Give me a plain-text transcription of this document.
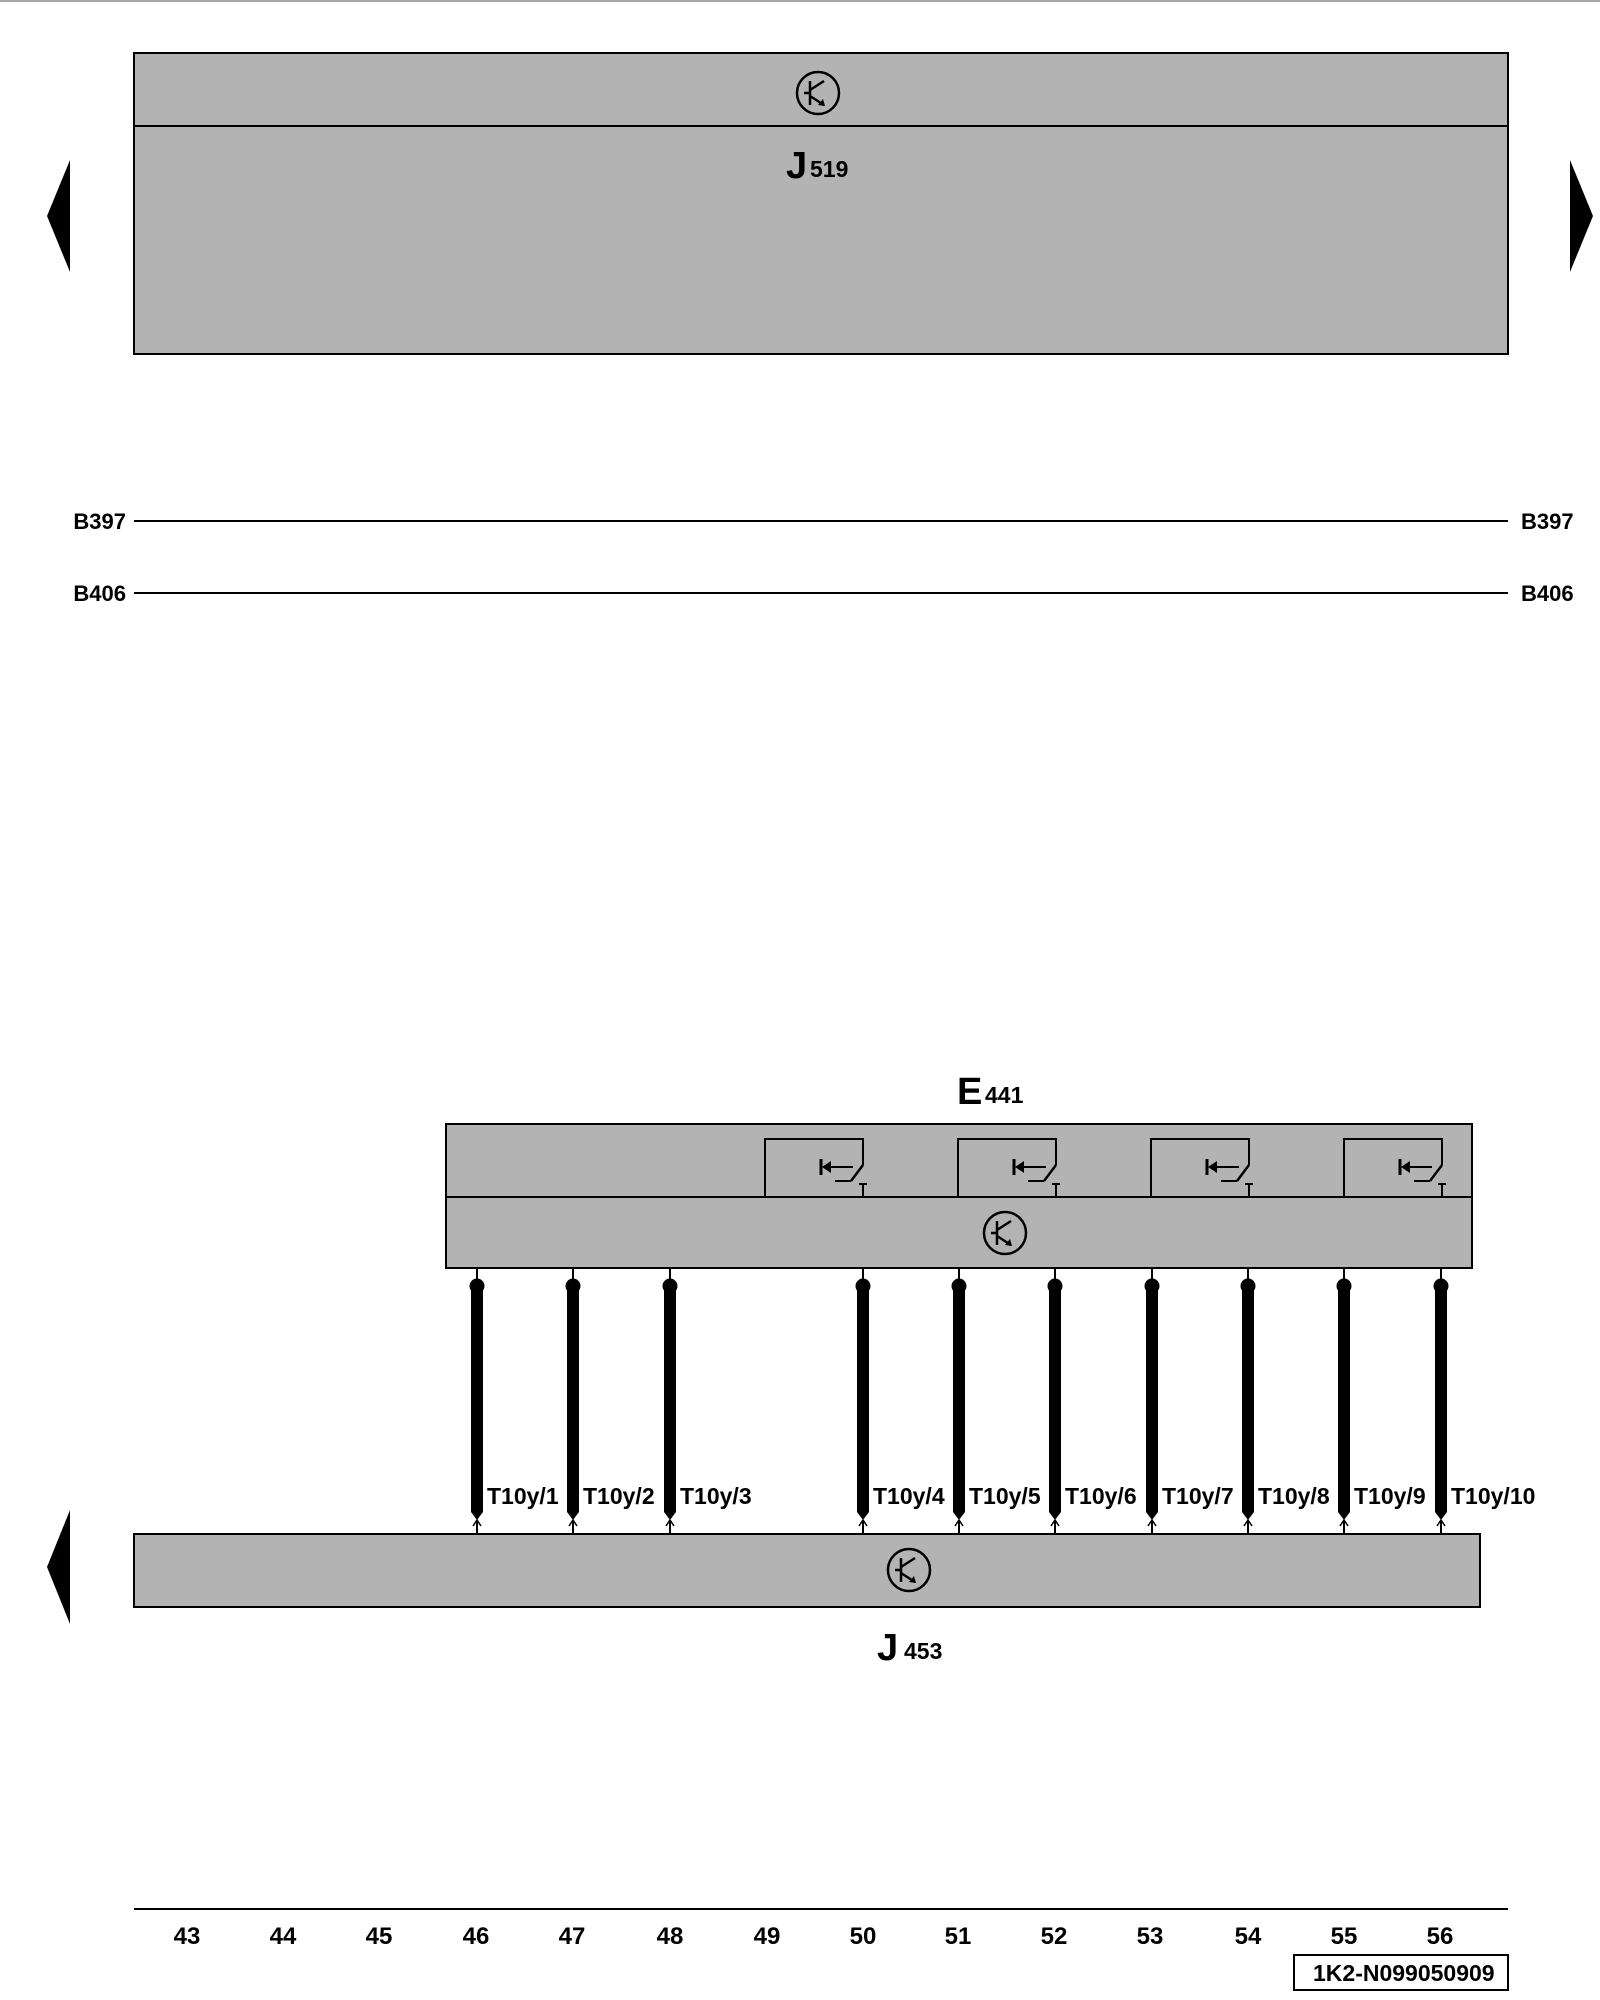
J 519
B397	B397
B406	B406
E 441
T10y/1 T10y/2 T10y/3	T10y/4 T10y/5 T10y/6 T10y/7 T10y/8 T10y/9 T10y/10
J 453
43	44	45	46	47	48	49	50	51	52	53	54	55	56
1K2-N099050909
